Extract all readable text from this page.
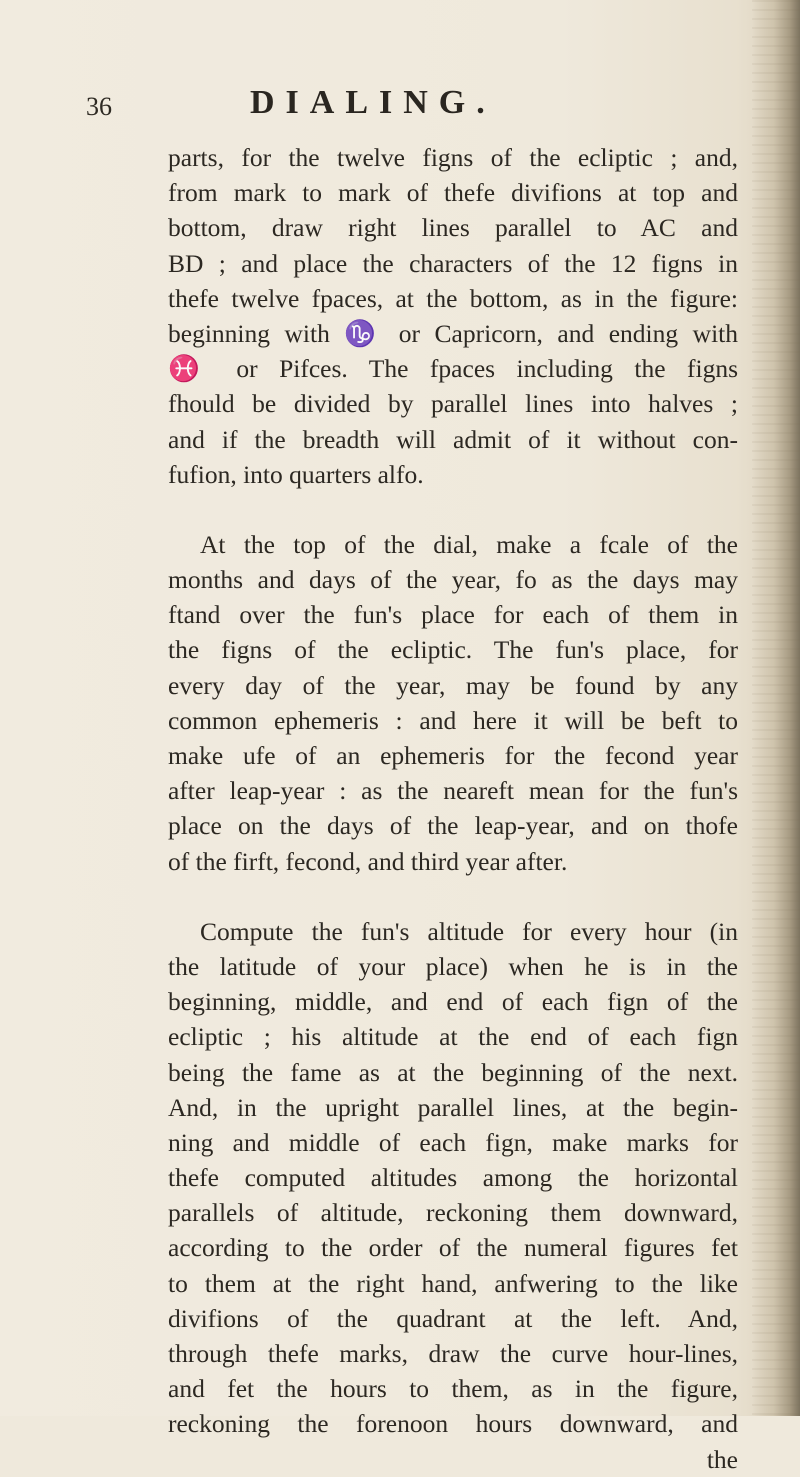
36	DIALING.
parts, for the twelve figns of the ecliptic ; and,
from mark to mark of thefe divifions at top and
bottom, draw right lines parallel to AC and
BD ; and place the characters of the 12 figns in
thefe twelve fpaces, at the bottom, as in the figure:
beginning with ♑ or Capricorn, and ending with
♓ or Pifces. The fpaces including the figns
fhould be divided by parallel lines into halves ;
and if the breadth will admit of it without con-
fufion, into quarters alfo.
At the top of the dial, make a fcale of the
months and days of the year, fo as the days may
ftand over the fun's place for each of them in
the figns of the ecliptic. The fun's place, for
every day of the year, may be found by any
common ephemeris : and here it will be beft to
make ufe of an ephemeris for the fecond year
after leap-year : as the neareft mean for the fun's
place on the days of the leap-year, and on thofe
of the firft, fecond, and third year after.
Compute the fun's altitude for every hour (in
the latitude of your place) when he is in the
beginning, middle, and end of each fign of the
ecliptic ; his altitude at the end of each fign
being the fame as at the beginning of the next.
And, in the upright parallel lines, at the begin-
ning and middle of each fign, make marks for
thefe computed altitudes among the horizontal
parallels of altitude, reckoning them downward,
according to the order of the numeral figures fet
to them at the right hand, anfwering to the like
divifions of the quadrant at the left. And,
through thefe marks, draw the curve hour-lines,
and fet the hours to them, as in the figure,
reckoning the forenoon hours downward, and
the
